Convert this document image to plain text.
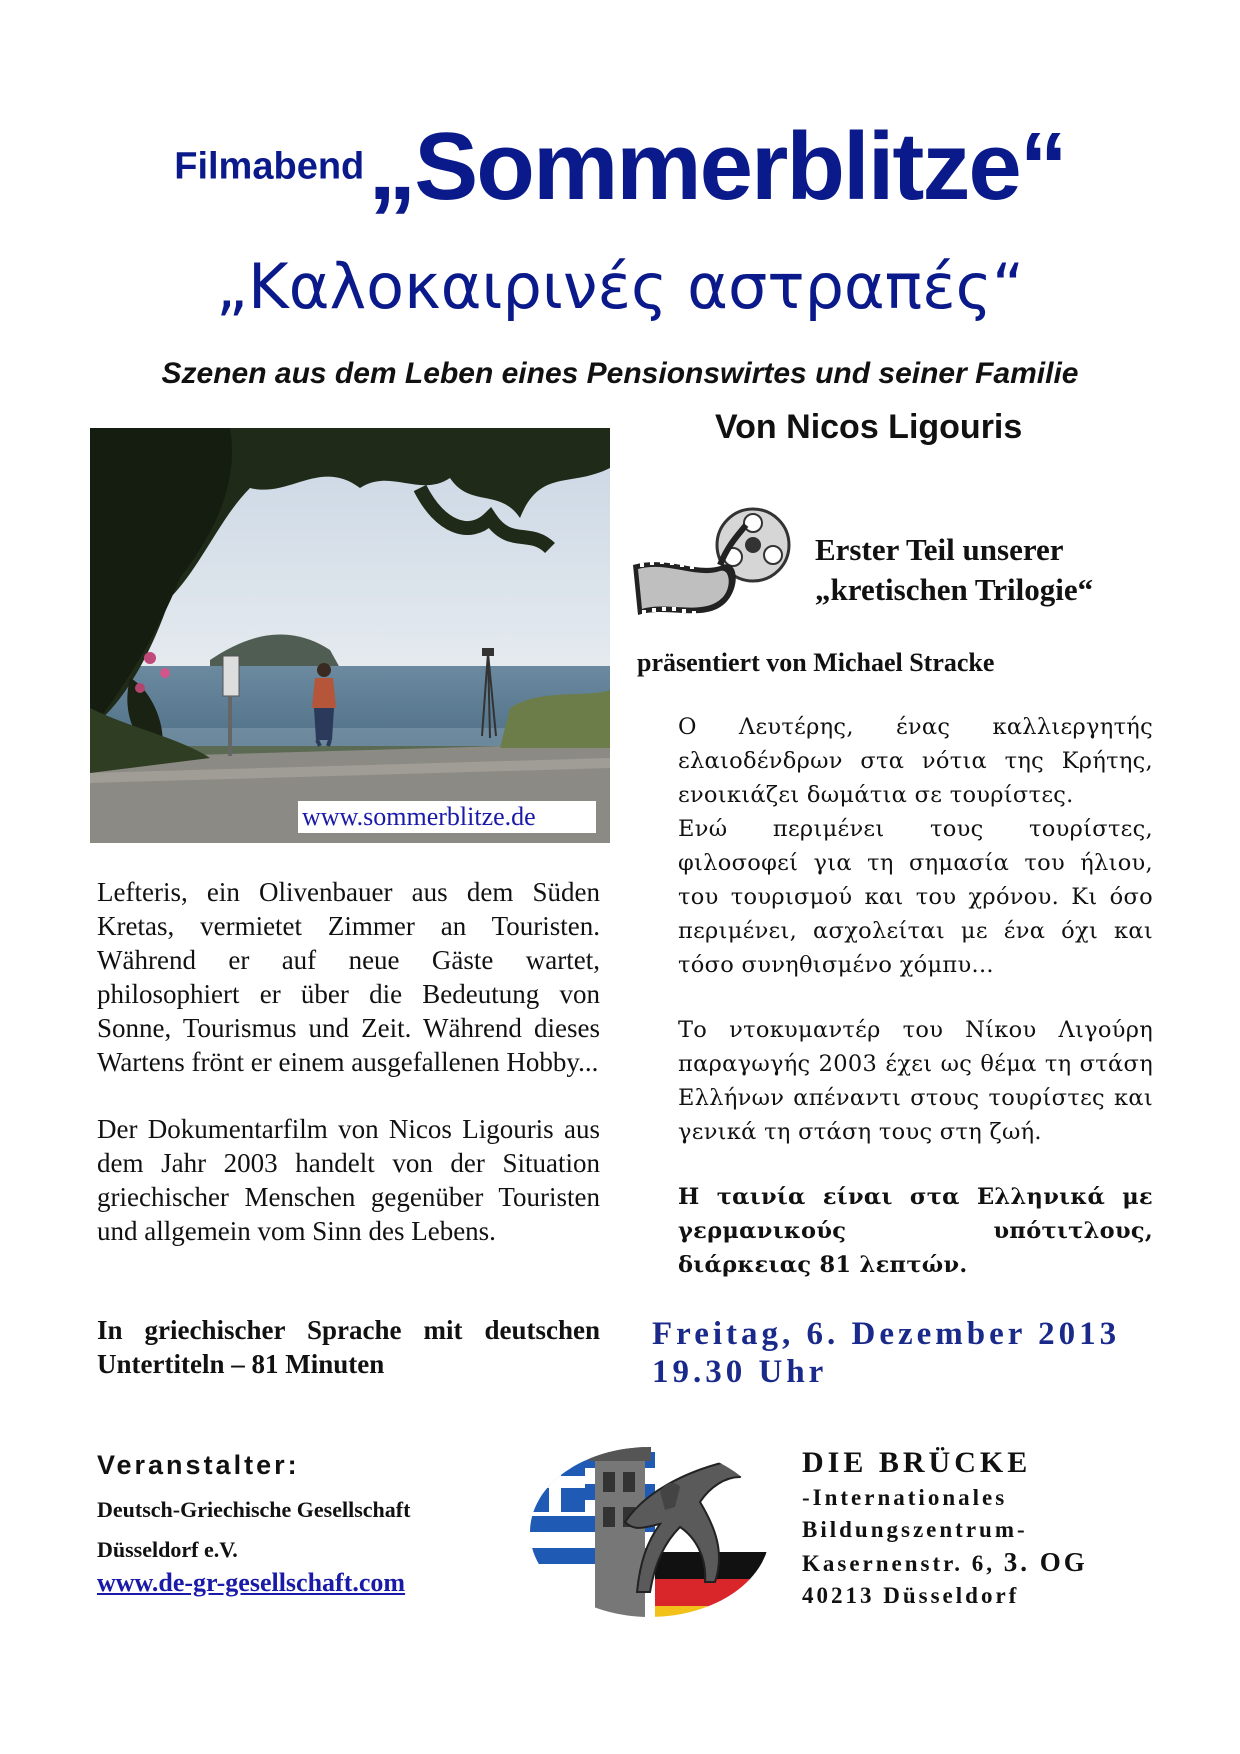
Filmabend „Sommerblitze“
„Καλοκαιρινές αστραπές“
Szenen aus dem Leben eines Pensionswirtes und seiner Familie
Von Nicos Ligouris
www.sommerblitze.de
Erster Teil unserer
„kretischen Trilogie“
präsentiert von Michael Stracke
Ο Λευτέρης, ένας καλλιεργητής ελαιοδένδρων στα νότια της Κρήτης, ενοικιάζει δωμάτια σε τουρίστες.
Ενώ περιμένει τους τουρίστες, φιλοσοφεί για τη σημασία του ήλιου, του τουρισμού και του χρόνου. Κι όσο περιμένει, ασχολείται με ένα όχι και τόσο συνηθισμένο χόμπυ...
Το ντοκυμαντέρ του Νίκου Λιγούρη παραγωγής 2003 έχει ως θέμα τη στάση Ελλήνων απέναντι στους τουρίστες και γενικά τη στάση τους στη ζωή.
Η ταινία είναι στα Ελληνικά με γερμανικούς υπότιτλους, διάρκειας 81 λεπτών.
Lefteris, ein Olivenbauer aus dem Süden Kretas, vermietet Zimmer an Touristen. Während er auf neue Gäste wartet, philosophiert er über die Bedeutung von Sonne, Tourismus und Zeit. Während dieses Wartens frönt er einem ausgefallenen Hobby...
Der Dokumentarfilm von Nicos Ligouris aus dem Jahr 2003 handelt von der Situation griechischer Menschen gegenüber Touristen und allgemein vom Sinn des Lebens.
In griechischer Sprache mit deutschen Untertiteln – 81 Minuten
Freitag, 6. Dezember 2013
19.30 Uhr
Veranstalter:
Deutsch-Griechische Gesellschaft
Düsseldorf e.V.
www.de-gr-gesellschaft.com
DIE BRÜCKE
-Internationales
Bildungszentrum-
Kasernenstr. 6, 3. OG
40213 Düsseldorf
